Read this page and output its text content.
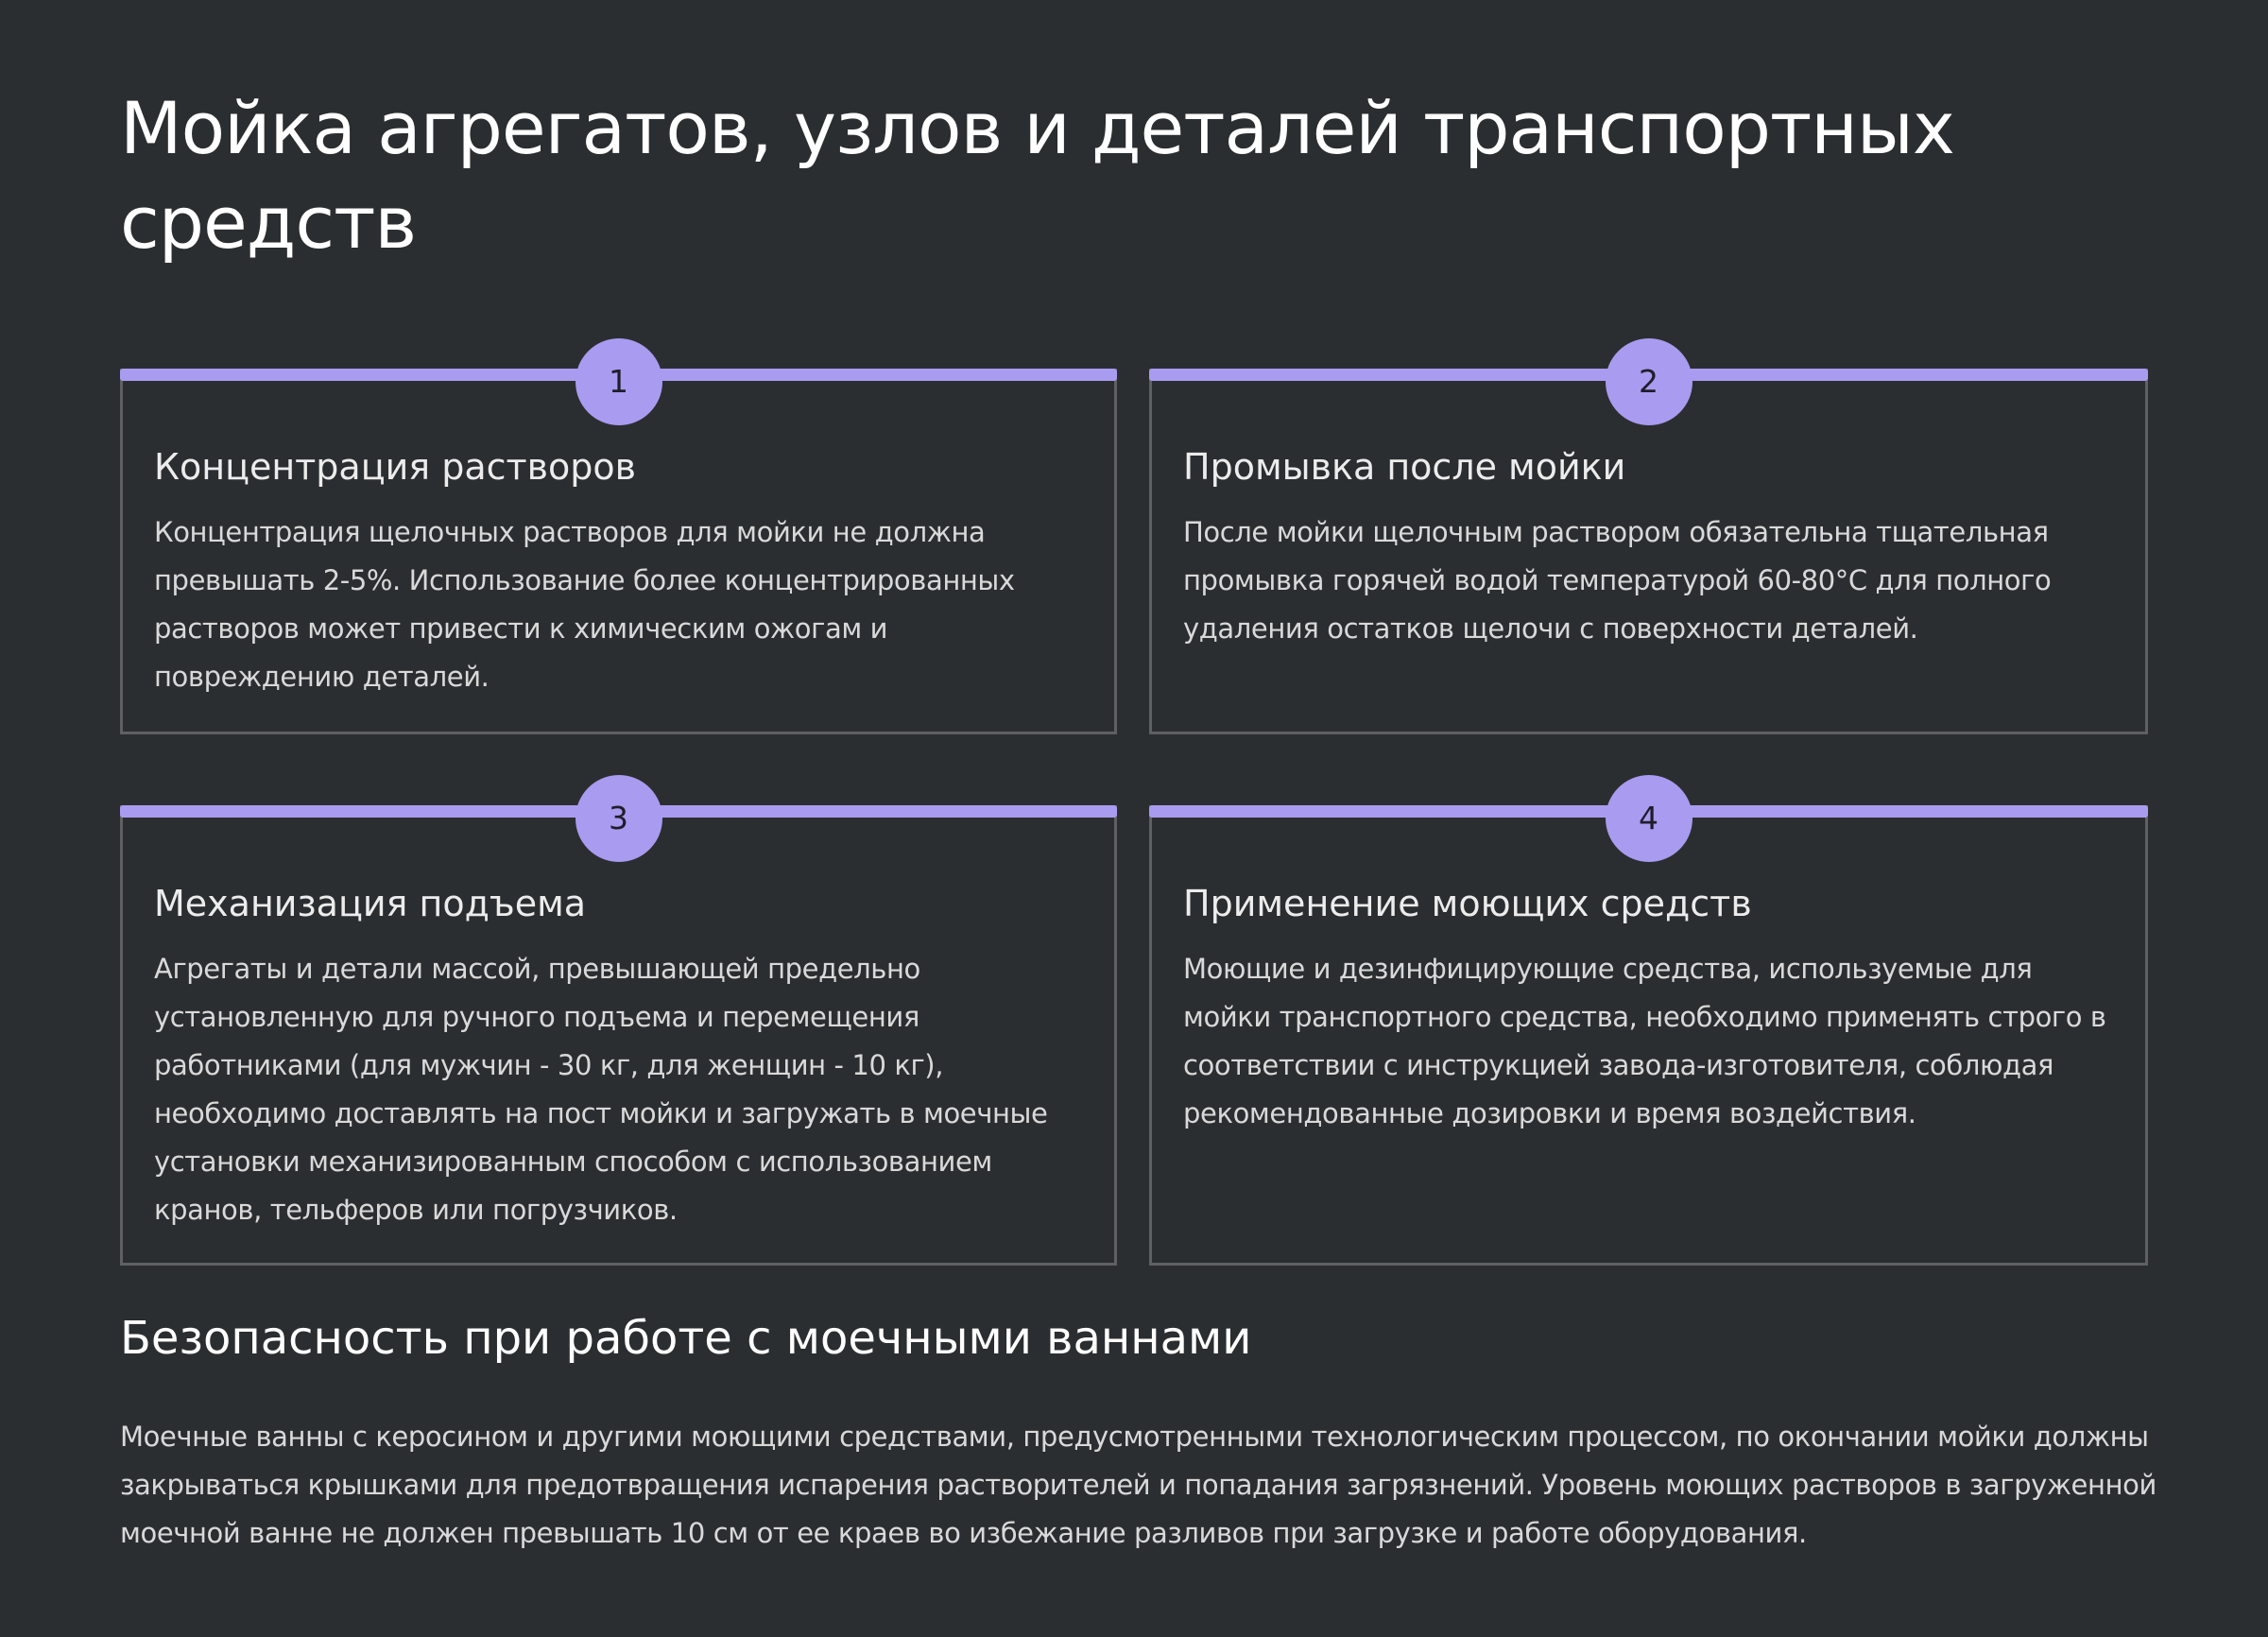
Мойка агрегатов, узлов и деталей транспортных средств
1
Концентрация растворов

Концентрация щелочных растворов для мойки не должна превышать 2-5%. Использование более концентрированных растворов может привести к химическим ожогам и повреждению деталей.

2
Промывка после мойки

После мойки щелочным раствором обязательна тщательная промывка горячей водой температурой 60-80°C для полного удаления остатков щелочи с поверхности деталей.

3
Механизация подъема

Агрегаты и детали массой, превышающей предельно установленную для ручного подъема и перемещения работниками (для мужчин - 30 кг, для женщин - 10 кг), необходимо доставлять на пост мойки и загружать в моечные установки механизированным способом с использованием кранов, тельферов или погрузчиков.

4
Применение моющих средств

Моющие и дезинфицирующие средства, используемые для мойки транспортного средства, необходимо применять строго в соответствии с инструкцией завода-изготовителя, соблюдая рекомендованные дозировки и время воздействия.

Безопасность при работе с моечными ваннами

Моечные ванны с керосином и другими моющими средствами, предусмотренными технологическим процессом, по окончании мойки должны закрываться крышками для предотвращения испарения растворителей и попадания загрязнений. Уровень моющих растворов в загруженной моечной ванне не должен превышать 10 см от ее краев во избежание разливов при загрузке и работе оборудования.
